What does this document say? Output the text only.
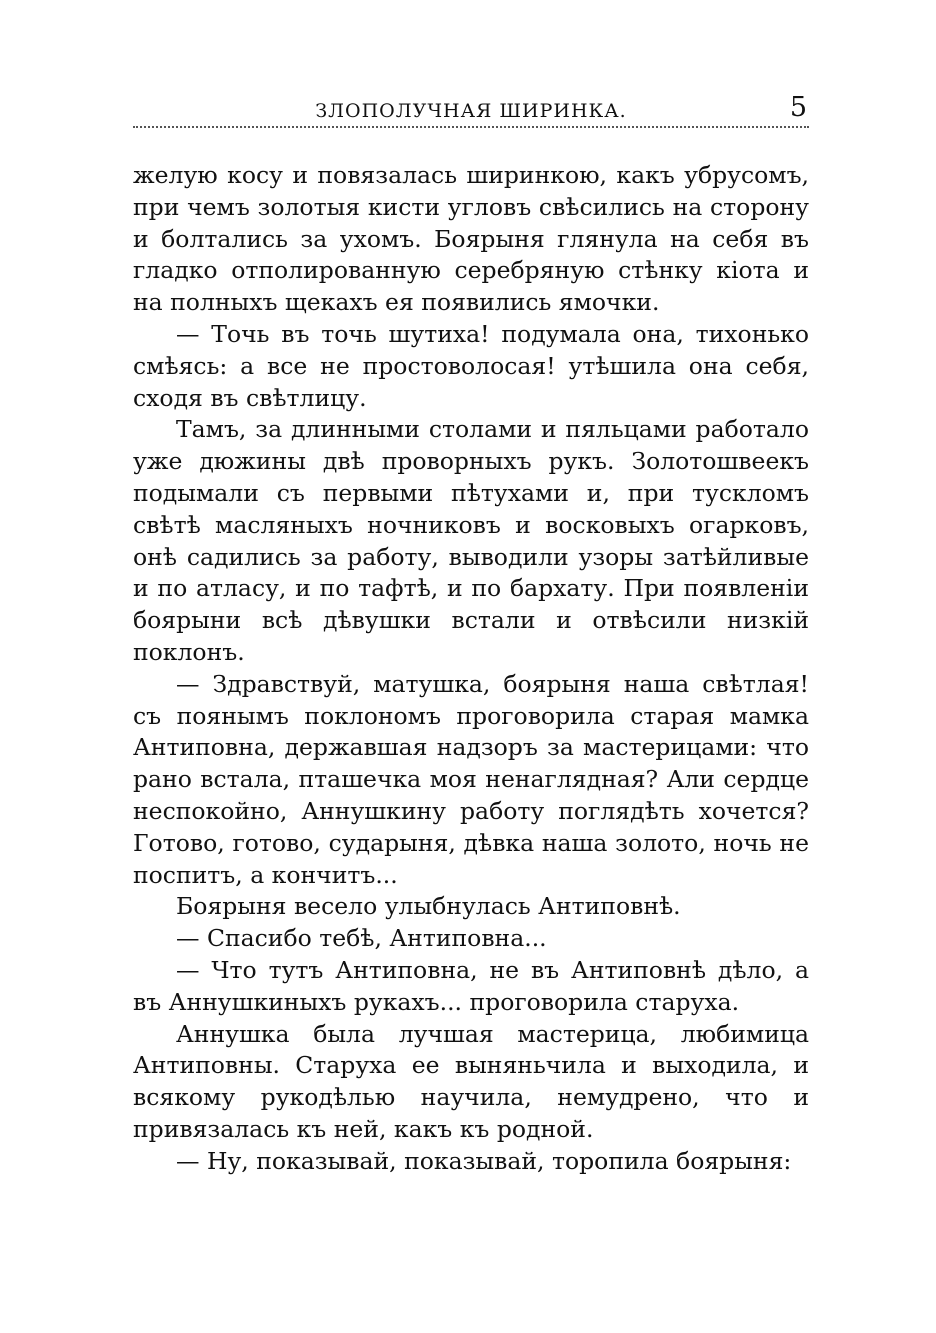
ЗЛОПОЛУЧНАЯ ШИРИНКА.	5

желую косу и повязалась ширинкою, какъ убрусомъ, при чемъ золотыя кисти угловъ свѣсились на сторону и болтались за ухомъ. Боярыня глянула на себя въ гладко отполированную серебряную стѣнку кіота и на полныхъ щекахъ ея появились ямочки.

— Точь въ точь шутиха! подумала она, тихонько смѣясь: а все не простоволосая! утѣшила она себя, сходя въ свѣтлицу.

Тамъ, за длинными столами и пяльцами работало уже дюжины двѣ проворныхъ рукъ. Золотошвеекъ подымали съ первыми пѣтухами и, при тускломъ свѣтѣ масляныхъ ночниковъ и восковыхъ огарковъ, онѣ садились за работу, выводили узоры затѣйливые и по атласу, и по тафтѣ, и по бархату. При появленіи боярыни всѣ дѣвушки встали и отвѣсили низкій поклонъ.

— Здравствуй, матушка, боярыня наша свѣтлая! съ поянымъ поклономъ проговорила старая мамка Антиповна, державшая надзоръ за мастерицами: что рано встала, пташечка моя ненаглядная? Али сердце неспокойно, Аннушкину работу поглядѣть хочется? Готово, готово, сударыня, дѣвка наша золото, ночь не поспитъ, а кончитъ...

Боярыня весело улыбнулась Антиповнѣ.

— Спасибо тебѣ, Антиповна...

— Что тутъ Антиповна, не въ Антиповнѣ дѣло, а въ Аннушкиныхъ рукахъ... проговорила старуха.

Аннушка была лучшая мастерица, любимица Антиповны. Старуха ее выняньчила и выходила, и всякому рукодѣлью научила, немудрено, что и привязалась къ ней, какъ къ родной.

— Ну, показывай, показывай, торопила боярыня:
